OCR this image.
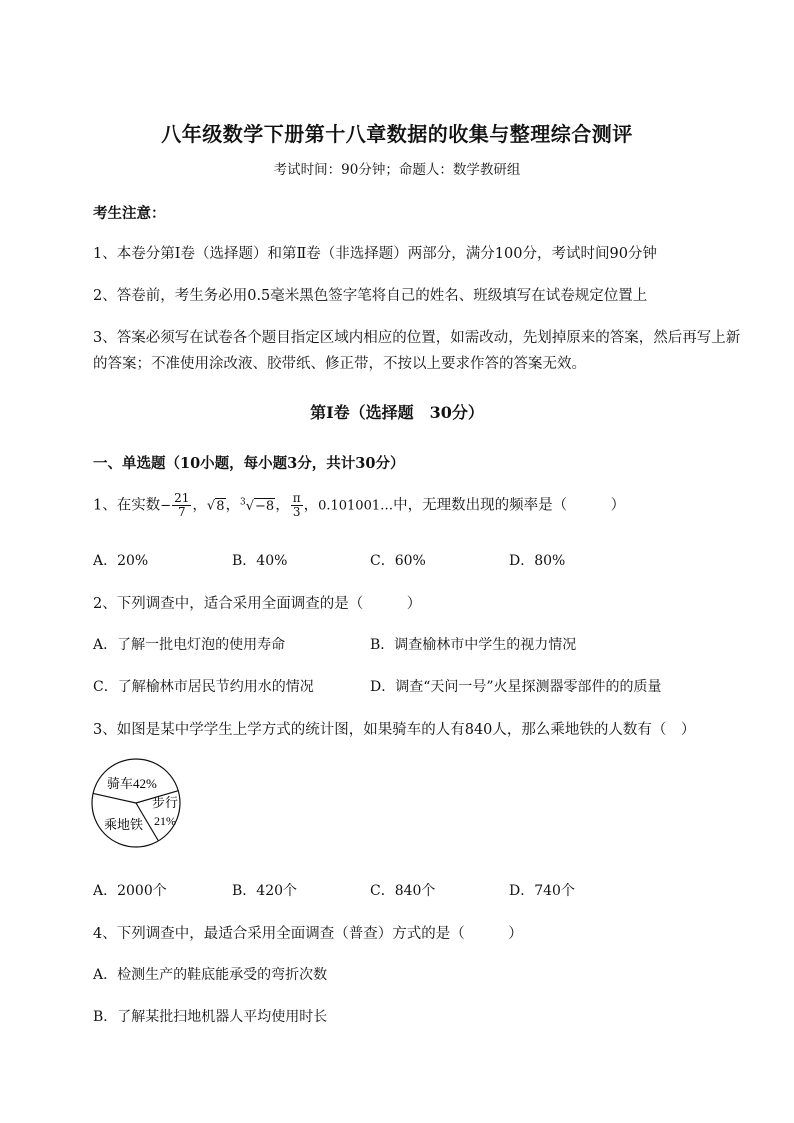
八年级数学下册第十八章数据的收集与整理综合测评
考试时间：90分钟；命题人：数学教研组
考生注意：
1、本卷分第Ⅰ卷（选择题）和第Ⅱ卷（非选择题）两部分，满分100分，考试时间90分钟
2、答卷前，考生务必用0.5毫米黑色签字笔将自己的姓名、班级填写在试卷规定位置上
3、答案必须写在试卷各个题目指定区域内相应的位置，如需改动，先划掉原来的答案，然后再写上新
的答案；不准使用涂改液、胶带纸、修正带，不按以上要求作答的答案无效。
第Ⅰ卷（选择题　30分）
一、单选题（10小题，每小题3分，共计30分）
1、在实数− $\frac{21}{7}$ ，√8，$^3$√−8， $\frac{\pi}{3}$ ，0.101001…中，无理数出现的频率是（　　　）
A．20%	B．40%	C．60%	D．80%
2、下列调查中，适合采用全面调查的是（　　　）
A．了解一批电灯泡的使用寿命	B．调查榆林市中学生的视力情况
C．了解榆林市居民节约用水的情况	D．调查“天问一号”火星探测器零部件的的质量
3、如图是某中学学生上学方式的统计图，如果骑车的人有840人，那么乘地铁的人数有（　）
骑车42%
步行
21%
乘地铁
A．2000个	B．420个	C．840个	D．740个
4、下列调查中，最适合采用全面调查（普查）方式的是（　　　）
A．检测生产的鞋底能承受的弯折次数
B．了解某批扫地机器人平均使用时长
